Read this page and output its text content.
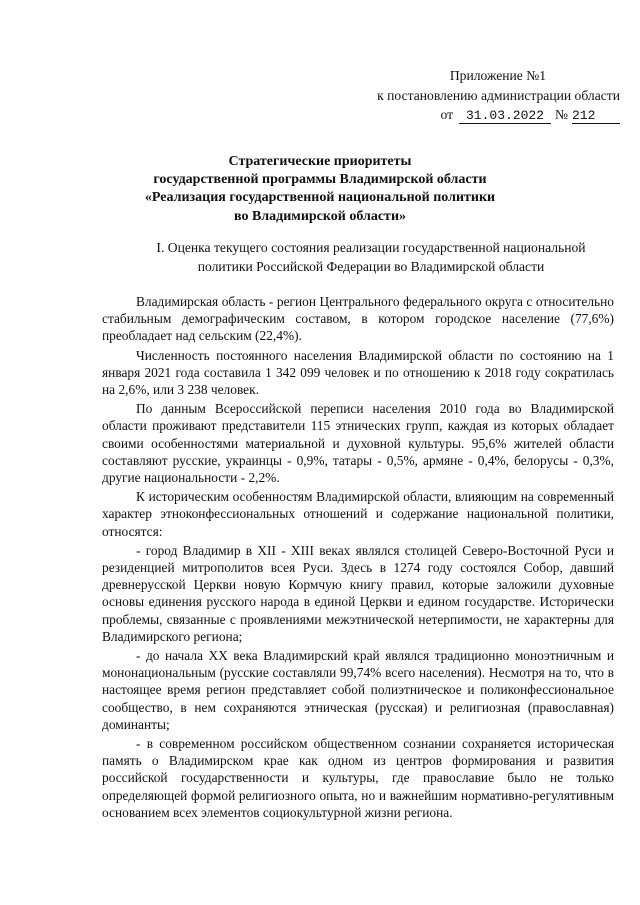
Приложение №1
к постановлению администрации области
от 31.03.2022 № 212
Стратегические приоритеты
государственной программы Владимирской области
«Реализация государственной национальной политики
во Владимирской области»
I. Оценка текущего состояния реализации государственной национальной
политики Российской Федерации во Владимирской области

Владимирская область - регион Центрального федерального округа с относительно стабильным демографическим составом, в котором городское население (77,6%) преобладает над сельским (22,4%).

Численность постоянного населения Владимирской области по состоянию на 1 января 2021 года составила 1 342 099 человек и по отношению к 2018 году сократилась на 2,6%, или 3 238 человек.

По данным Всероссийской переписи населения 2010 года во Владимирской области проживают представители 115 этнических групп, каждая из которых обладает своими особенностями материальной и духовной культуры. 95,6% жителей области составляют русские, украинцы - 0,9%, татары - 0,5%, армяне - 0,4%, белорусы - 0,3%, другие национальности - 2,2%.

К историческим особенностям Владимирской области, влияющим на современный характер этноконфессиональных отношений и содержание национальной политики, относятся:

- город Владимир в XII - XIII веках являлся столицей Северо-Восточной Руси и резиденцией митрополитов всея Руси. Здесь в 1274 году состоялся Собор, давший древнерусской Церкви новую Кормчую книгу правил, которые заложили духовные основы единения русского народа в единой Церкви и едином государстве. Исторически проблемы, связанные с проявлениями межэтнической нетерпимости, не характерны для Владимирского региона;

- до начала XX века Владимирский край являлся традиционно моноэтничным и мононациональным (русские составляли 99,74% всего населения). Несмотря на то, что в настоящее время регион представляет собой полиэтническое и поликонфессиональное сообщество, в нем сохраняются этническая (русская) и религиозная (православная) доминанты;

- в современном российском общественном сознании сохраняется историческая память о Владимирском крае как одном из центров формирования и развития российской государственности и культуры, где православие было не только определяющей формой религиозного опыта, но и важнейшим нормативно-регулятивным основанием всех элементов социокультурной жизни региона.
